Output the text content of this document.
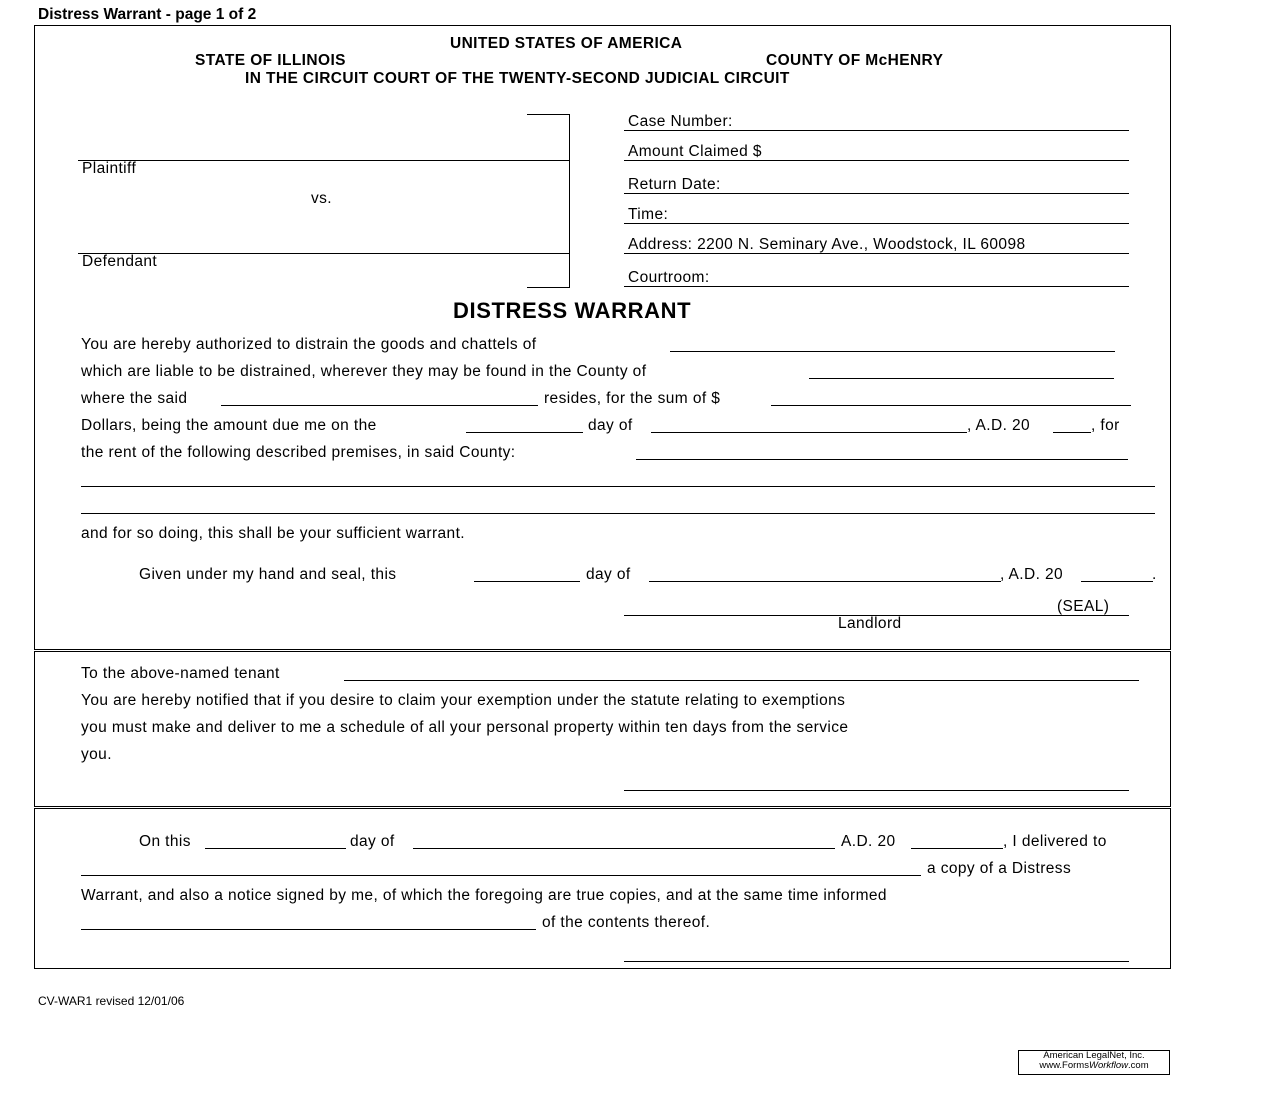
Distress Warrant - page 1 of 2
UNITED STATES OF AMERICA
STATE OF ILLINOIS	COUNTY OF McHENRY
IN THE CIRCUIT COURT OF THE TWENTY-SECOND JUDICIAL CIRCUIT
Plaintiff
vs.
Defendant
Case Number:
Amount Claimed $
Return Date:
Time:
Address: 2200 N. Seminary Ave., Woodstock, IL 60098
Courtroom:
DISTRESS WARRANT
You are hereby authorized to distrain the goods and chattels of
which are liable to be distrained, wherever they may be found in the County of
where the said	resides, for the sum of $
Dollars, being the amount due me on the	day of	, A.D. 20	, for
the rent of the following described premises, in said County:
and for so doing, this shall be your sufficient warrant.
Given under my hand and seal, this	day of	, A.D. 20	.
(SEAL)
Landlord
To the above-named tenant
You are hereby notified that if you desire to claim your exemption under the statute relating to exemptions
you must make and deliver to me a schedule of all your personal property within ten days from the service
you.
On this	day of	A.D. 20	, I delivered to
a copy of a Distress
Warrant, and also a notice signed by me, of which the foregoing are true copies, and at the same time informed
of the contents thereof.
CV-WAR1 revised 12/01/06
American LegalNet, Inc.
www.FormsWorkflow.com
